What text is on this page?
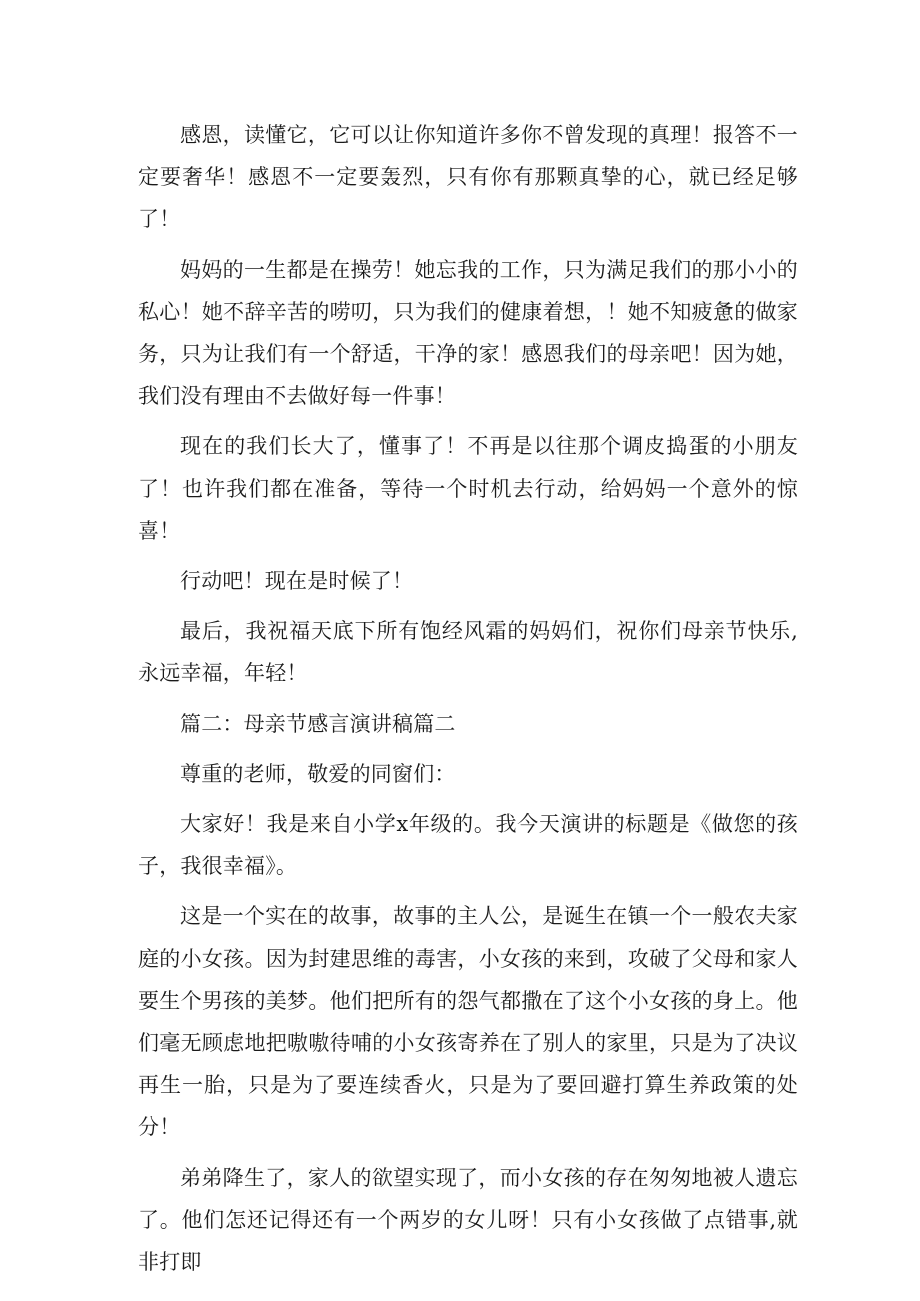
感恩，读懂它，它可以让你知道许多你不曾发现的真理！报答不一定要奢华！感恩不一定要轰烈，只有你有那颗真挚的心，就已经足够了！

妈妈的一生都是在操劳！她忘我的工作，只为满足我们的那小小的私心！她不辞辛苦的唠叨，只为我们的健康着想，！她不知疲惫的做家务，只为让我们有一个舒适，干净的家！感恩我们的母亲吧！因为她，我们没有理由不去做好每一件事！

现在的我们长大了，懂事了！不再是以往那个调皮捣蛋的小朋友了！也许我们都在准备，等待一个时机去行动，给妈妈一个意外的惊喜！

行动吧！现在是时候了！

最后，我祝福天底下所有饱经风霜的妈妈们，祝你们母亲节快乐,永远幸福，年轻！

篇二：母亲节感言演讲稿篇二

尊重的老师，敬爱的同窗们：

大家好！我是来自小学x年级的。我今天演讲的标题是《做您的孩子，我很幸福》。

这是一个实在的故事，故事的主人公，是诞生在镇一个一般农夫家庭的小女孩。因为封建思维的毒害，小女孩的来到，攻破了父母和家人要生个男孩的美梦。他们把所有的怨气都撒在了这个小女孩的身上。他们毫无顾虑地把嗷嗷待哺的小女孩寄养在了别人的家里，只是为了决议再生一胎，只是为了要连续香火，只是为了要回避打算生养政策的处分！

弟弟降生了，家人的欲望实现了，而小女孩的存在匆匆地被人遗忘了。他们怎还记得还有一个两岁的女儿呀！只有小女孩做了点错事,就非打即
